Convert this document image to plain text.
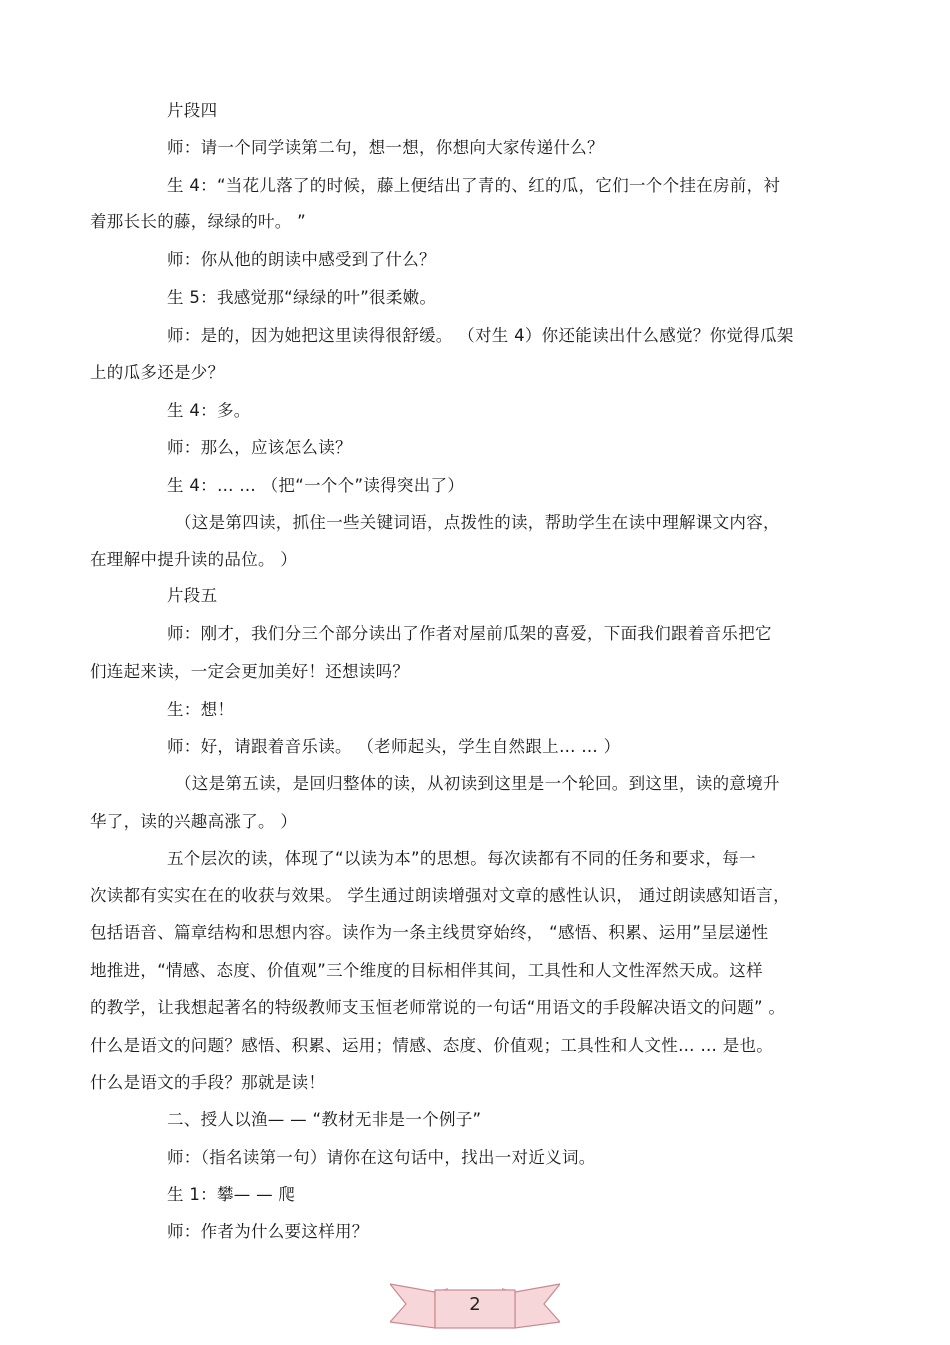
片段四
师：请一个同学读第二句，想一想，你想向大家传递什么？
生 4：“当花儿落了的时候，藤上便结出了青的、红的瓜，它们一个个挂在房前，衬
着那长长的藤，绿绿的叶。 ”
师：你从他的朗读中感受到了什么？
生 5：我感觉那“绿绿的叶”很柔嫩。
师：是的，因为她把这里读得很舒缓。 （对生 4）你还能读出什么感觉？你觉得瓜架
上的瓜多还是少？
生 4：多。
师：那么，应该怎么读？
生 4：… … （把“一个个”读得突出了）
（这是第四读，抓住一些关键词语，点拨性的读，帮助学生在读中理解课文内容，
在理解中提升读的品位。 ）
片段五
师：刚才，我们分三个部分读出了作者对屋前瓜架的喜爱，下面我们跟着音乐把它
们连起来读，一定会更加美好！还想读吗？
生：想！
师：好，请跟着音乐读。 （老师起头，学生自然跟上… … ）
（这是第五读，是回归整体的读，从初读到这里是一个轮回。到这里，读的意境升
华了，读的兴趣高涨了。 ）
五个层次的读，体现了“以读为本”的思想。每次读都有不同的任务和要求，每一
次读都有实实在在的收获与效果。 学生通过朗读增强对文章的感性认识， 通过朗读感知语言，
包括语音、篇章结构和思想内容。读作为一条主线贯穿始终， “感悟、积累、运用”呈层递性
地推进，“情感、态度、价值观”三个维度的目标相伴其间，工具性和人文性浑然天成。这样
的教学，让我想起著名的特级教师支玉恒老师常说的一句话“用语文的手段解决语文的问题” 。
什么是语文的问题？感悟、积累、运用；情感、态度、价值观；工具性和人文性… … 是也。
什么是语文的手段？那就是读！
二、授人以渔— — “教材无非是一个例子”
师：（指名读第一句）请你在这句话中，找出一对近义词。
生 1：攀— — 爬
师：作者为什么要这样用？
2
